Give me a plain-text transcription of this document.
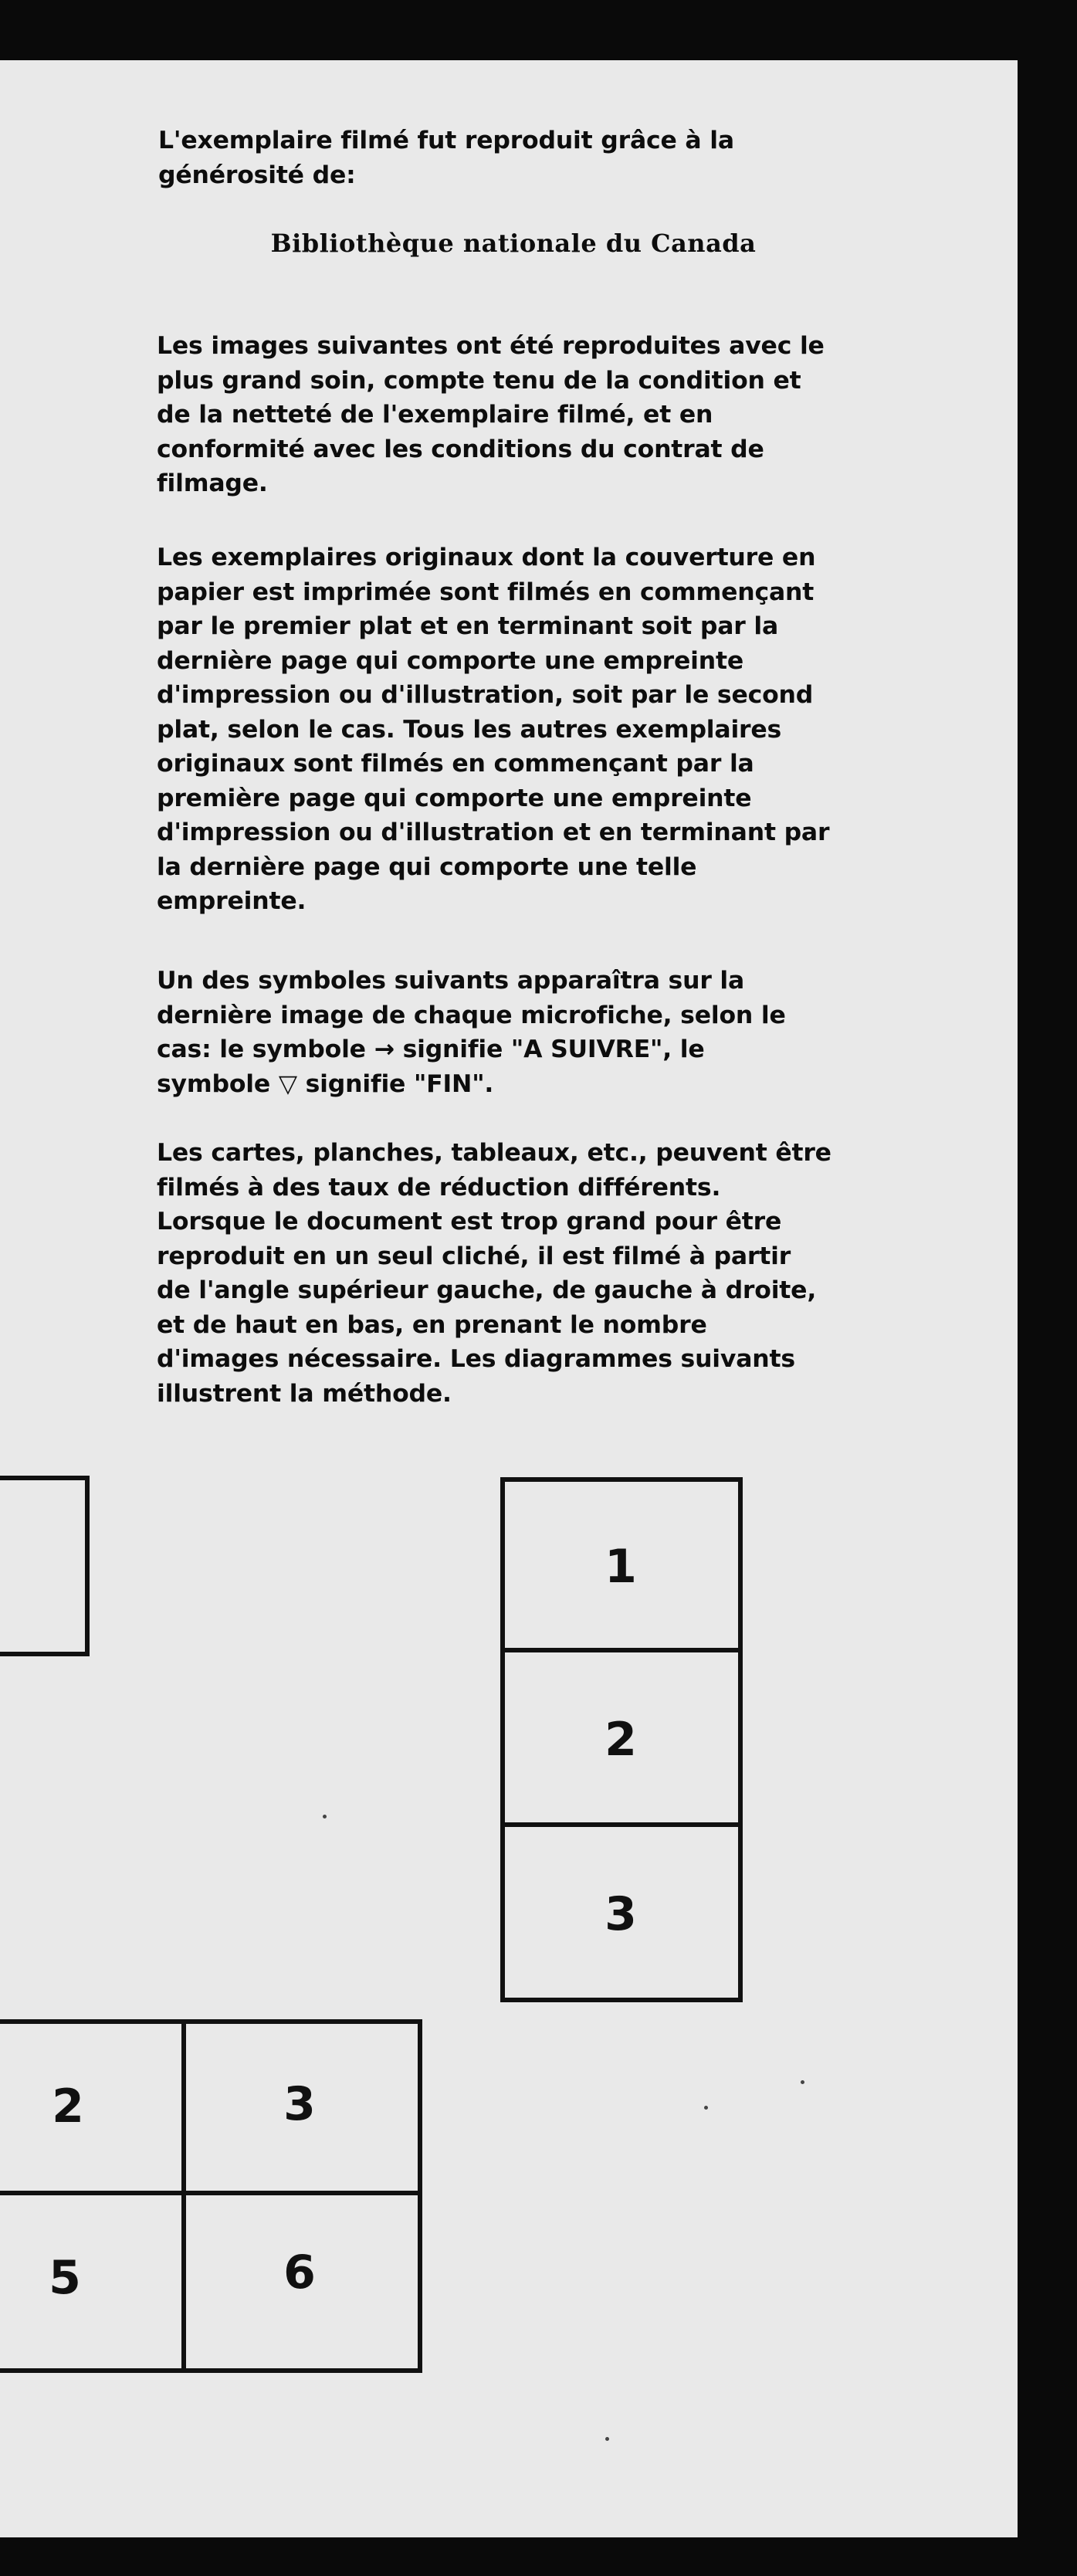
L'exemplaire filmé fut reproduit grâce à la
générosité de:
Bibliothèque nationale du Canada
Les images suivantes ont été reproduites avec le
plus grand soin, compte tenu de la condition et
de la netteté de l'exemplaire filmé, et en
conformité avec les conditions du contrat de
filmage.
Les exemplaires originaux dont la couverture en
papier est imprimée sont filmés en commençant
par le premier plat et en terminant soit par la
dernière page qui comporte une empreinte
d'impression ou d'illustration, soit par le second
plat, selon le cas. Tous les autres exemplaires
originaux sont filmés en commençant par la
première page qui comporte une empreinte
d'impression ou d'illustration et en terminant par
la dernière page qui comporte une telle
empreinte.
Un des symboles suivants apparaîtra sur la
dernière image de chaque microfiche, selon le
cas: le symbole → signifie "A SUIVRE", le
symbole ▽ signifie "FIN".
Les cartes, planches, tableaux, etc., peuvent être
filmés à des taux de réduction différents.
Lorsque le document est trop grand pour être
reproduit en un seul cliché, il est filmé à partir
de l'angle supérieur gauche, de gauche à droite,
et de haut en bas, en prenant le nombre
d'images nécessaire. Les diagrammes suivants
illustrent la méthode.
1
2
3
2	3
5	6
